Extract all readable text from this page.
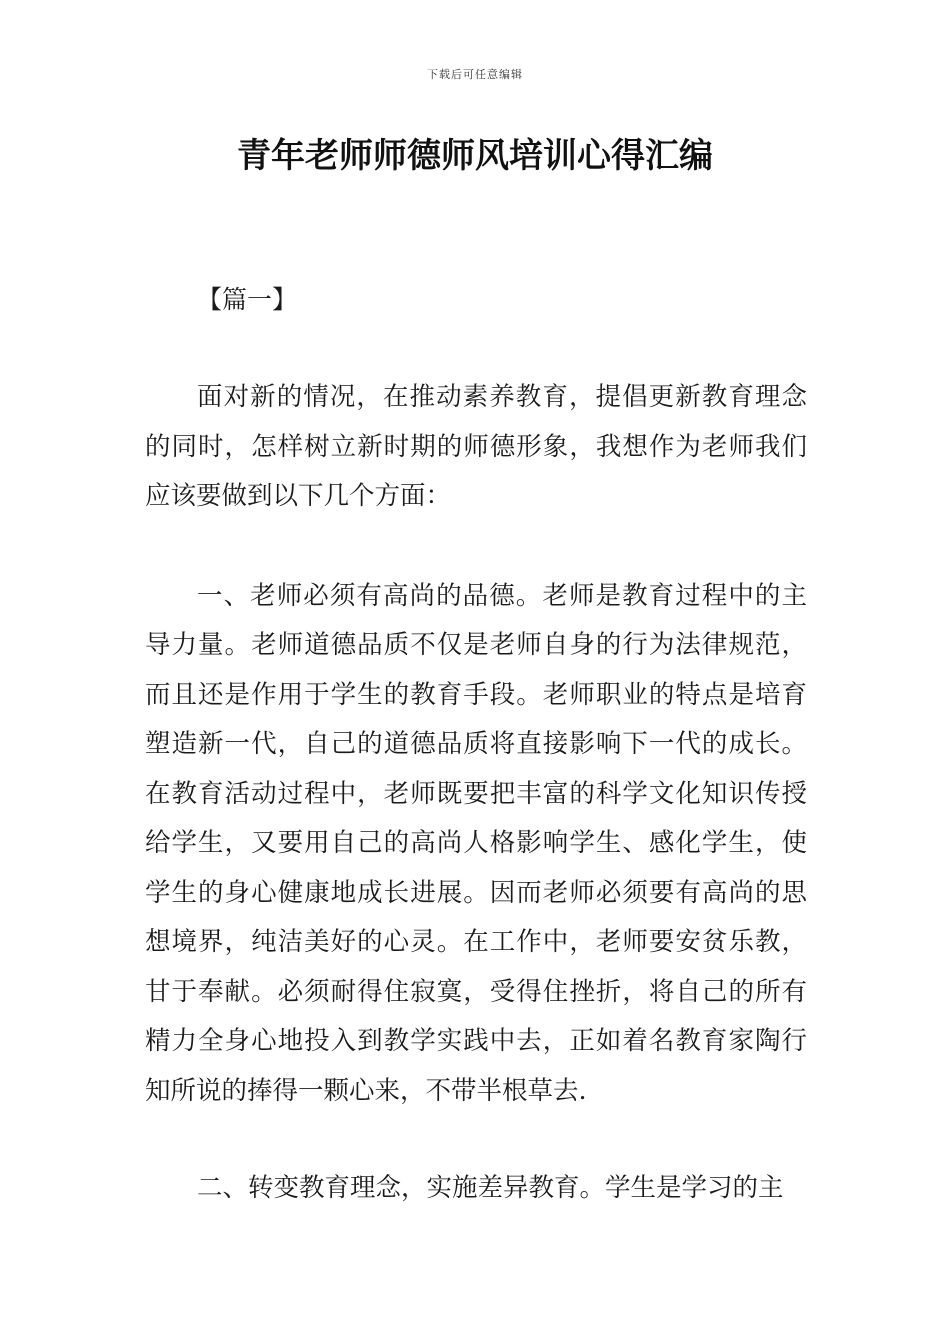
下载后可任意编辑
青年老师师德师风培训心得汇编
【篇一】

面对新的情况，在推动素养教育，提倡更新教育理念的同时，怎样树立新时期的师德形象，我想作为老师我们应该要做到以下几个方面：

一、老师必须有高尚的品德。老师是教育过程中的主导力量。老师道德品质不仅是老师自身的行为法律规范，而且还是作用于学生的教育手段。老师职业的特点是培育塑造新一代，自己的道德品质将直接影响下一代的成长。在教育活动过程中，老师既要把丰富的科学文化知识传授给学生，又要用自己的高尚人格影响学生、感化学生，使学生的身心健康地成长进展。因而老师必须要有高尚的思想境界，纯洁美好的心灵。在工作中，老师要安贫乐教，甘于奉献。必须耐得住寂寞，受得住挫折，将自己的所有精力全身心地投入到教学实践中去，正如着名教育家陶行知所说的捧得一颗心来，不带半根草去.

二、转变教育理念，实施差异教育。学生是学习的主
